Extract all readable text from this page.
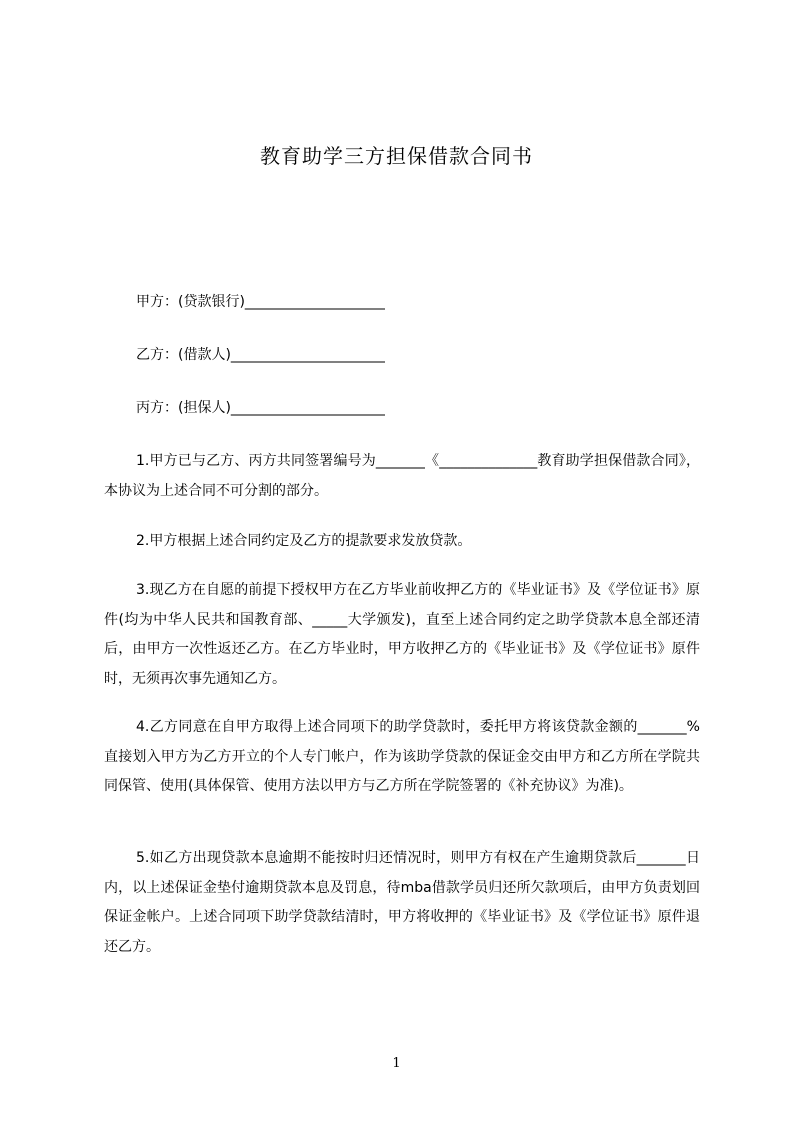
教育助学三方担保借款合同书
甲方：(贷款银行)____________________
乙方：(借款人)______________________
丙方：(担保人)______________________

1.甲方已与乙方、丙方共同签署编号为_______《______________教育助学担保借款合同》，本协议为上述合同不可分割的部分。

2.甲方根据上述合同约定及乙方的提款要求发放贷款。

3.现乙方在自愿的前提下授权甲方在乙方毕业前收押乙方的《毕业证书》及《学位证书》原件(均为中华人民共和国教育部、_____大学颁发)，直至上述合同约定之助学贷款本息全部还清后，由甲方一次性返还乙方。在乙方毕业时，甲方收押乙方的《毕业证书》及《学位证书》原件时，无须再次事先通知乙方。

4.乙方同意在自甲方取得上述合同项下的助学贷款时，委托甲方将该贷款金额的_______%直接划入甲方为乙方开立的个人专门帐户，作为该助学贷款的保证金交由甲方和乙方所在学院共同保管、使用(具体保管、使用方法以甲方与乙方所在学院签署的《补充协议》为准)。

5.如乙方出现贷款本息逾期不能按时归还情况时，则甲方有权在产生逾期贷款后_______日内，以上述保证金垫付逾期贷款本息及罚息，待mba借款学员归还所欠款项后，由甲方负责划回保证金帐户。上述合同项下助学贷款结清时，甲方将收押的《毕业证书》及《学位证书》原件退还乙方。

1
